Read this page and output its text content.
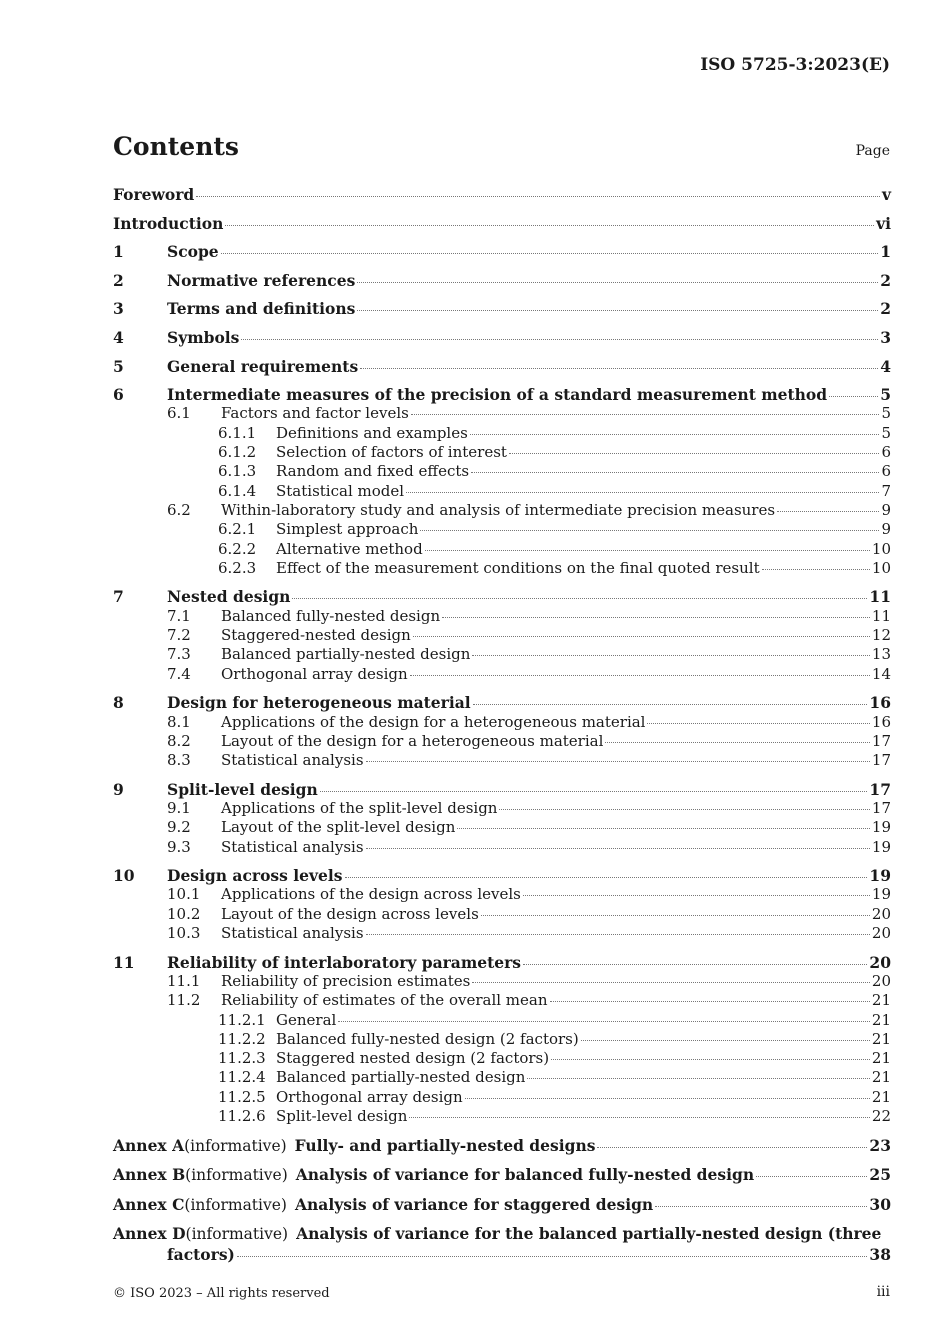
ISO 5725-3:2023(E)
Contents	Page
Foreword	v
Introduction	vi
1	Scope	1
2	Normative references	2
3	Terms and definitions	2
4	Symbols	3
5	General requirements	4
6	Intermediate measures of the precision of a standard measurement method	5
6.1	Factors and factor levels	5
6.1.1	Definitions and examples	5
6.1.2	Selection of factors of interest	6
6.1.3	Random and fixed effects	6
6.1.4	Statistical model	7
6.2	Within-laboratory study and analysis of intermediate precision measures	9
6.2.1	Simplest approach	9
6.2.2	Alternative method	10
6.2.3	Effect of the measurement conditions on the final quoted result	10
7	Nested design	11
7.1	Balanced fully-nested design	11
7.2	Staggered-nested design	12
7.3	Balanced partially-nested design	13
7.4	Orthogonal array design	14
8	Design for heterogeneous material	16
8.1	Applications of the design for a heterogeneous material	16
8.2	Layout of the design for a heterogeneous material	17
8.3	Statistical analysis	17
9	Split-level design	17
9.1	Applications of the split-level design	17
9.2	Layout of the split-level design	19
9.3	Statistical analysis	19
10	Design across levels	19
10.1	Applications of the design across levels	19
10.2	Layout of the design across levels	20
10.3	Statistical analysis	20
11	Reliability of interlaboratory parameters	20
11.1	Reliability of precision estimates	20
11.2	Reliability of estimates of the overall mean	21
11.2.1 General	21
11.2.2 Balanced fully-nested design (2 factors)	21
11.2.3 Staggered nested design (2 factors)	21
11.2.4 Balanced partially-nested design	21
11.2.5 Orthogonal array design	21
11.2.6 Split-level design	22
Annex A (informative) Fully- and partially-nested designs	23
Annex B (informative) Analysis of variance for balanced fully-nested design	25
Annex C (informative) Analysis of variance for staggered design	30
Annex D (informative) Analysis of variance for the balanced partially-nested design (three
factors)	38
© ISO 2023 – All rights reserved	iii
